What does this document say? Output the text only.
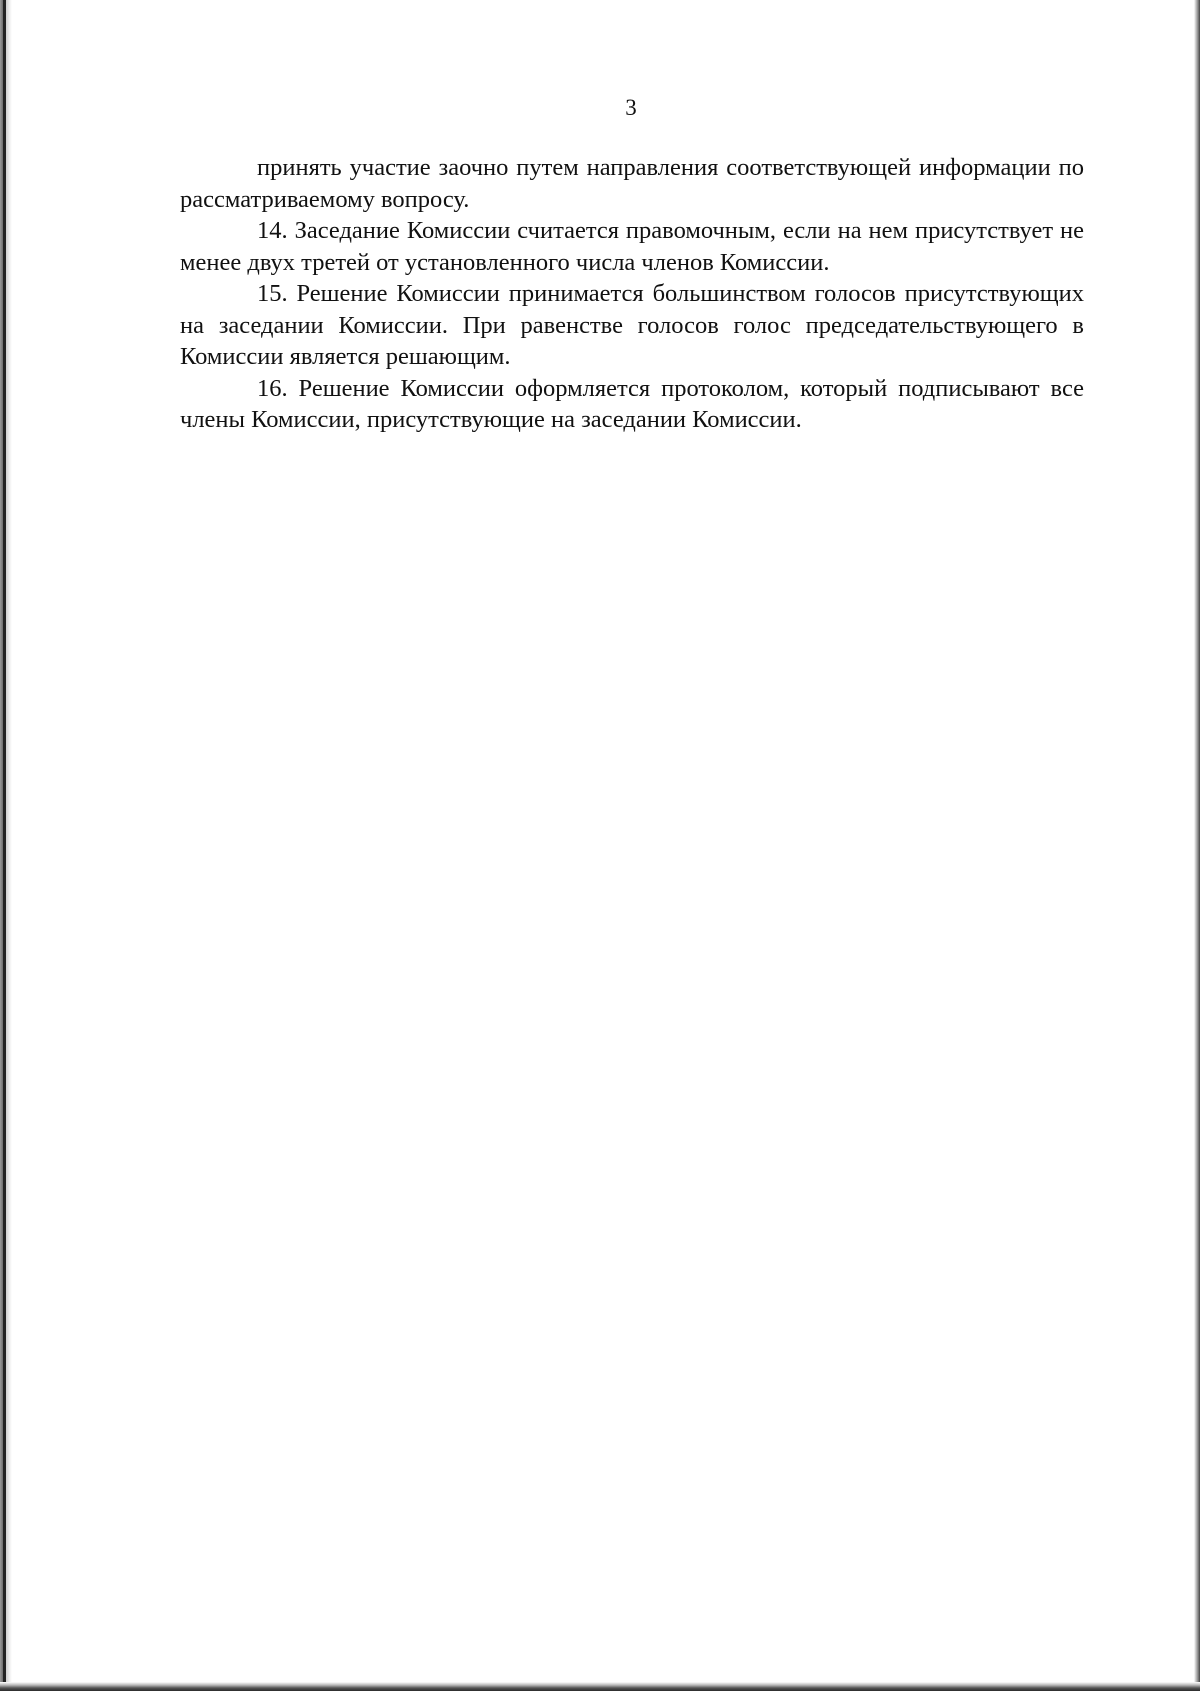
3

принять участие заочно путем направления соответствующей информации по рассматриваемому вопросу.

14. Заседание Комиссии считается правомочным, если на нем присутствует не менее двух третей от установленного числа членов Комиссии.

15. Решение Комиссии принимается большинством голосов присутствующих на заседании Комиссии. При равенстве голосов голос председательствующего в Комиссии является решающим.

16. Решение Комиссии оформляется протоколом, который подписывают все члены Комиссии, присутствующие на заседании Комиссии.
